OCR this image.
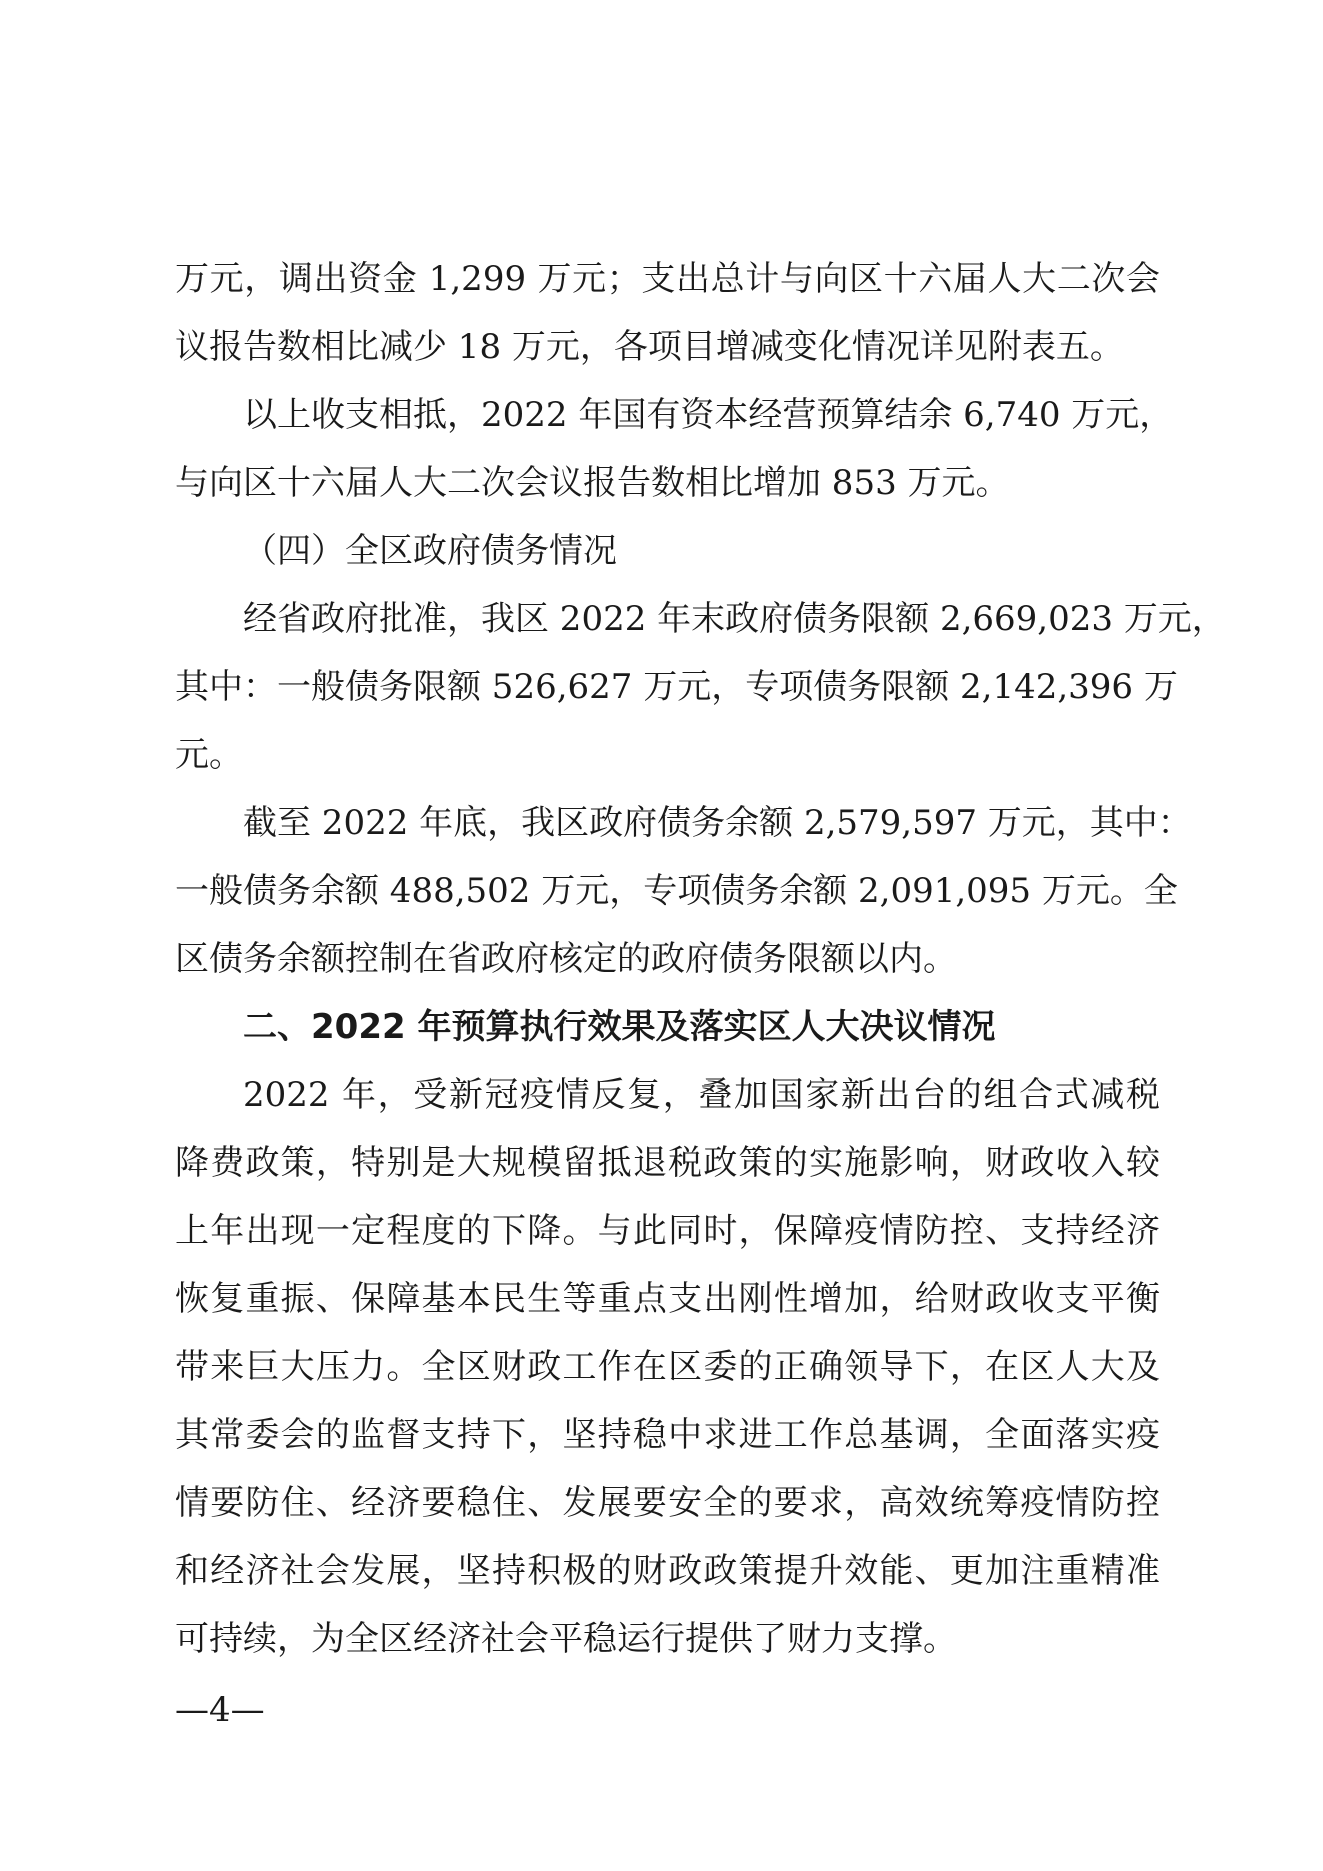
万元，调出资金 1,299 万元；支出总计与向区十六届人大二次会
议报告数相比减少 18 万元，各项目增减变化情况详见附表五。
以上收支相抵，2022 年国有资本经营预算结余 6,740 万元，
与向区十六届人大二次会议报告数相比增加 853 万元。
（四）全区政府债务情况
经省政府批准，我区 2022 年末政府债务限额 2,669,023 万元，
其中：一般债务限额 526,627 万元，专项债务限额 2,142,396 万
元。
截至 2022 年底，我区政府债务余额 2,579,597 万元，其中：
一般债务余额 488,502 万元，专项债务余额 2,091,095 万元。全
区债务余额控制在省政府核定的政府债务限额以内。
二、2022 年预算执行效果及落实区人大决议情况
2022 年，受新冠疫情反复，叠加国家新出台的组合式减税
降费政策，特别是大规模留抵退税政策的实施影响，财政收入较
上年出现一定程度的下降。与此同时，保障疫情防控、支持经济
恢复重振、保障基本民生等重点支出刚性增加，给财政收支平衡
带来巨大压力。全区财政工作在区委的正确领导下，在区人大及
其常委会的监督支持下，坚持稳中求进工作总基调，全面落实疫
情要防住、经济要稳住、发展要安全的要求，高效统筹疫情防控
和经济社会发展，坚持积极的财政政策提升效能、更加注重精准
可持续，为全区经济社会平稳运行提供了财力支撑。
—4—
